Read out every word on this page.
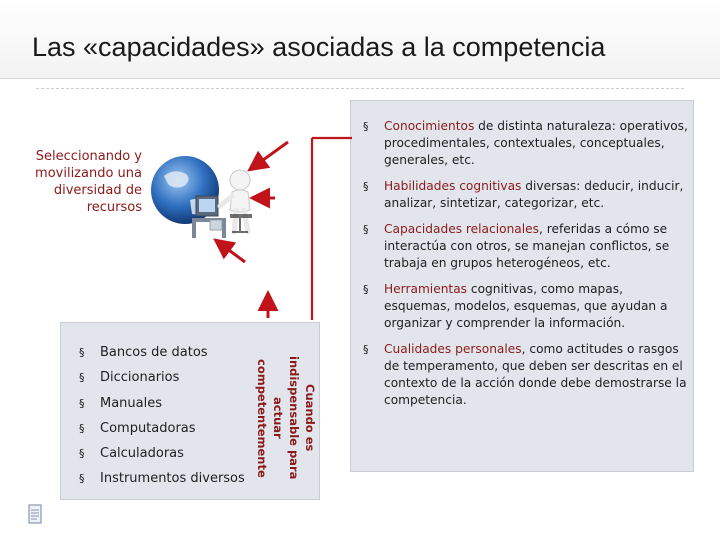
Las «capacidades» asociadas a la competencia
§ Conocimientos de distinta naturaleza: operativos, procedimentales, contextuales, conceptuales, generales, etc.
§ Habilidades cognitivas diversas: deducir, inducir, analizar, sintetizar, categorizar, etc.
§ Capacidades relacionales, referidas a cómo se interactúa con otros, se manejan conflictos, se trabaja en grupos heterogéneos, etc.
§ Herramientas cognitivas, como mapas, esquemas, modelos, esquemas, que ayudan a organizar y comprender la información.
§ Cualidades personales, como actitudes o rasgos de temperamento, que deben ser descritas en el contexto de la acción donde debe demostrarse la competencia.
§ Bancos de datos
§ Diccionarios
§ Manuales
§ Computadoras
§ Calculadoras
§ Instrumentos diversos
Cuando es indispensable para actuar competentemente
Seleccionando y movilizando una diversidad de recursos
